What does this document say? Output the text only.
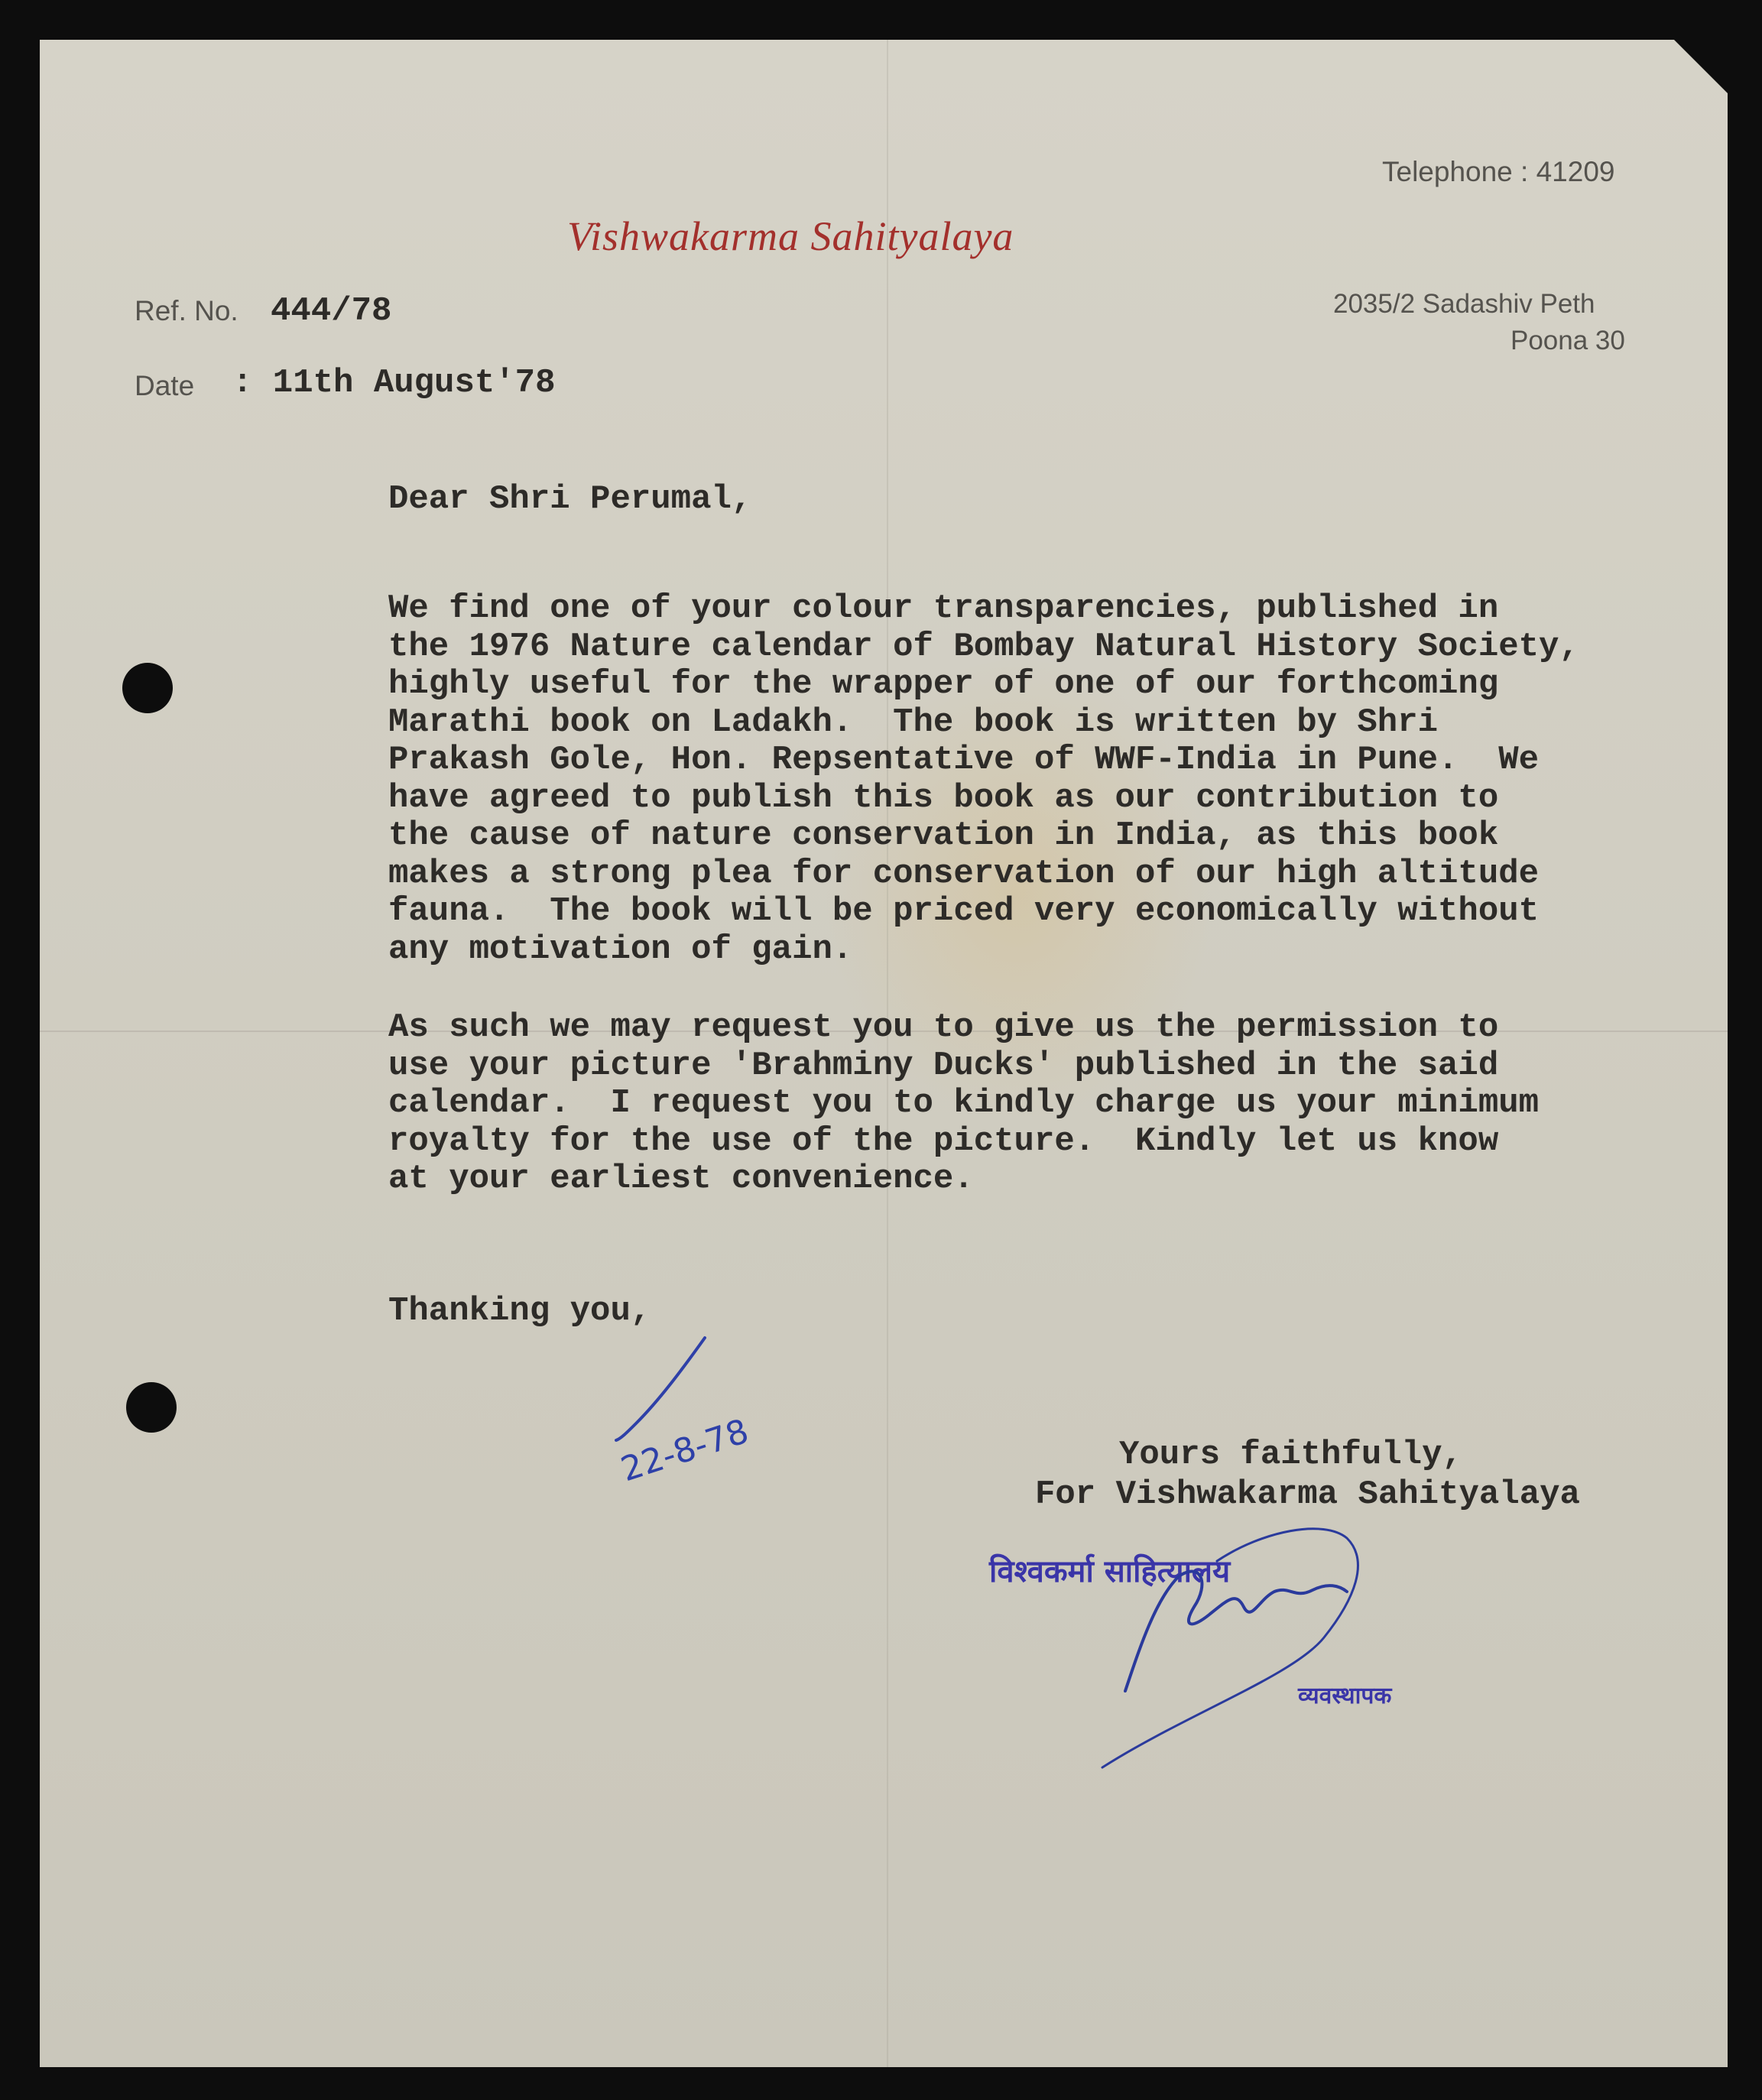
Telephone : 41209
Vishwakarma Sahityalaya
2035/2 Sadashiv Peth
Poona 30
Ref. No. 444/78
Date : 11th August'78
Dear Shri Perumal,
We find one of your colour transparencies, published in
the 1976 Nature calendar of Bombay Natural History Society,
highly useful for the wrapper of one of our forthcoming
Marathi book on Ladakh.  The book is written by Shri
Prakash Gole, Hon. Repsentative of WWF-India in Pune.  We
have agreed to publish this book as our contribution to
the cause of nature conservation in India, as this book
makes a strong plea for conservation of our high altitude
fauna.  The book will be priced very economically without
any motivation of gain.
As such we may request you to give us the permission to
use your picture 'Brahminy Ducks' published in the said
calendar.  I request you to kindly charge us your minimum
royalty for the use of the picture.  Kindly let us know
at your earliest convenience.
Thanking you,
Yours faithfully,
For Vishwakarma Sahityalaya
22-8-78
विश्वकर्मा साहित्यालय
व्यवस्थापक
